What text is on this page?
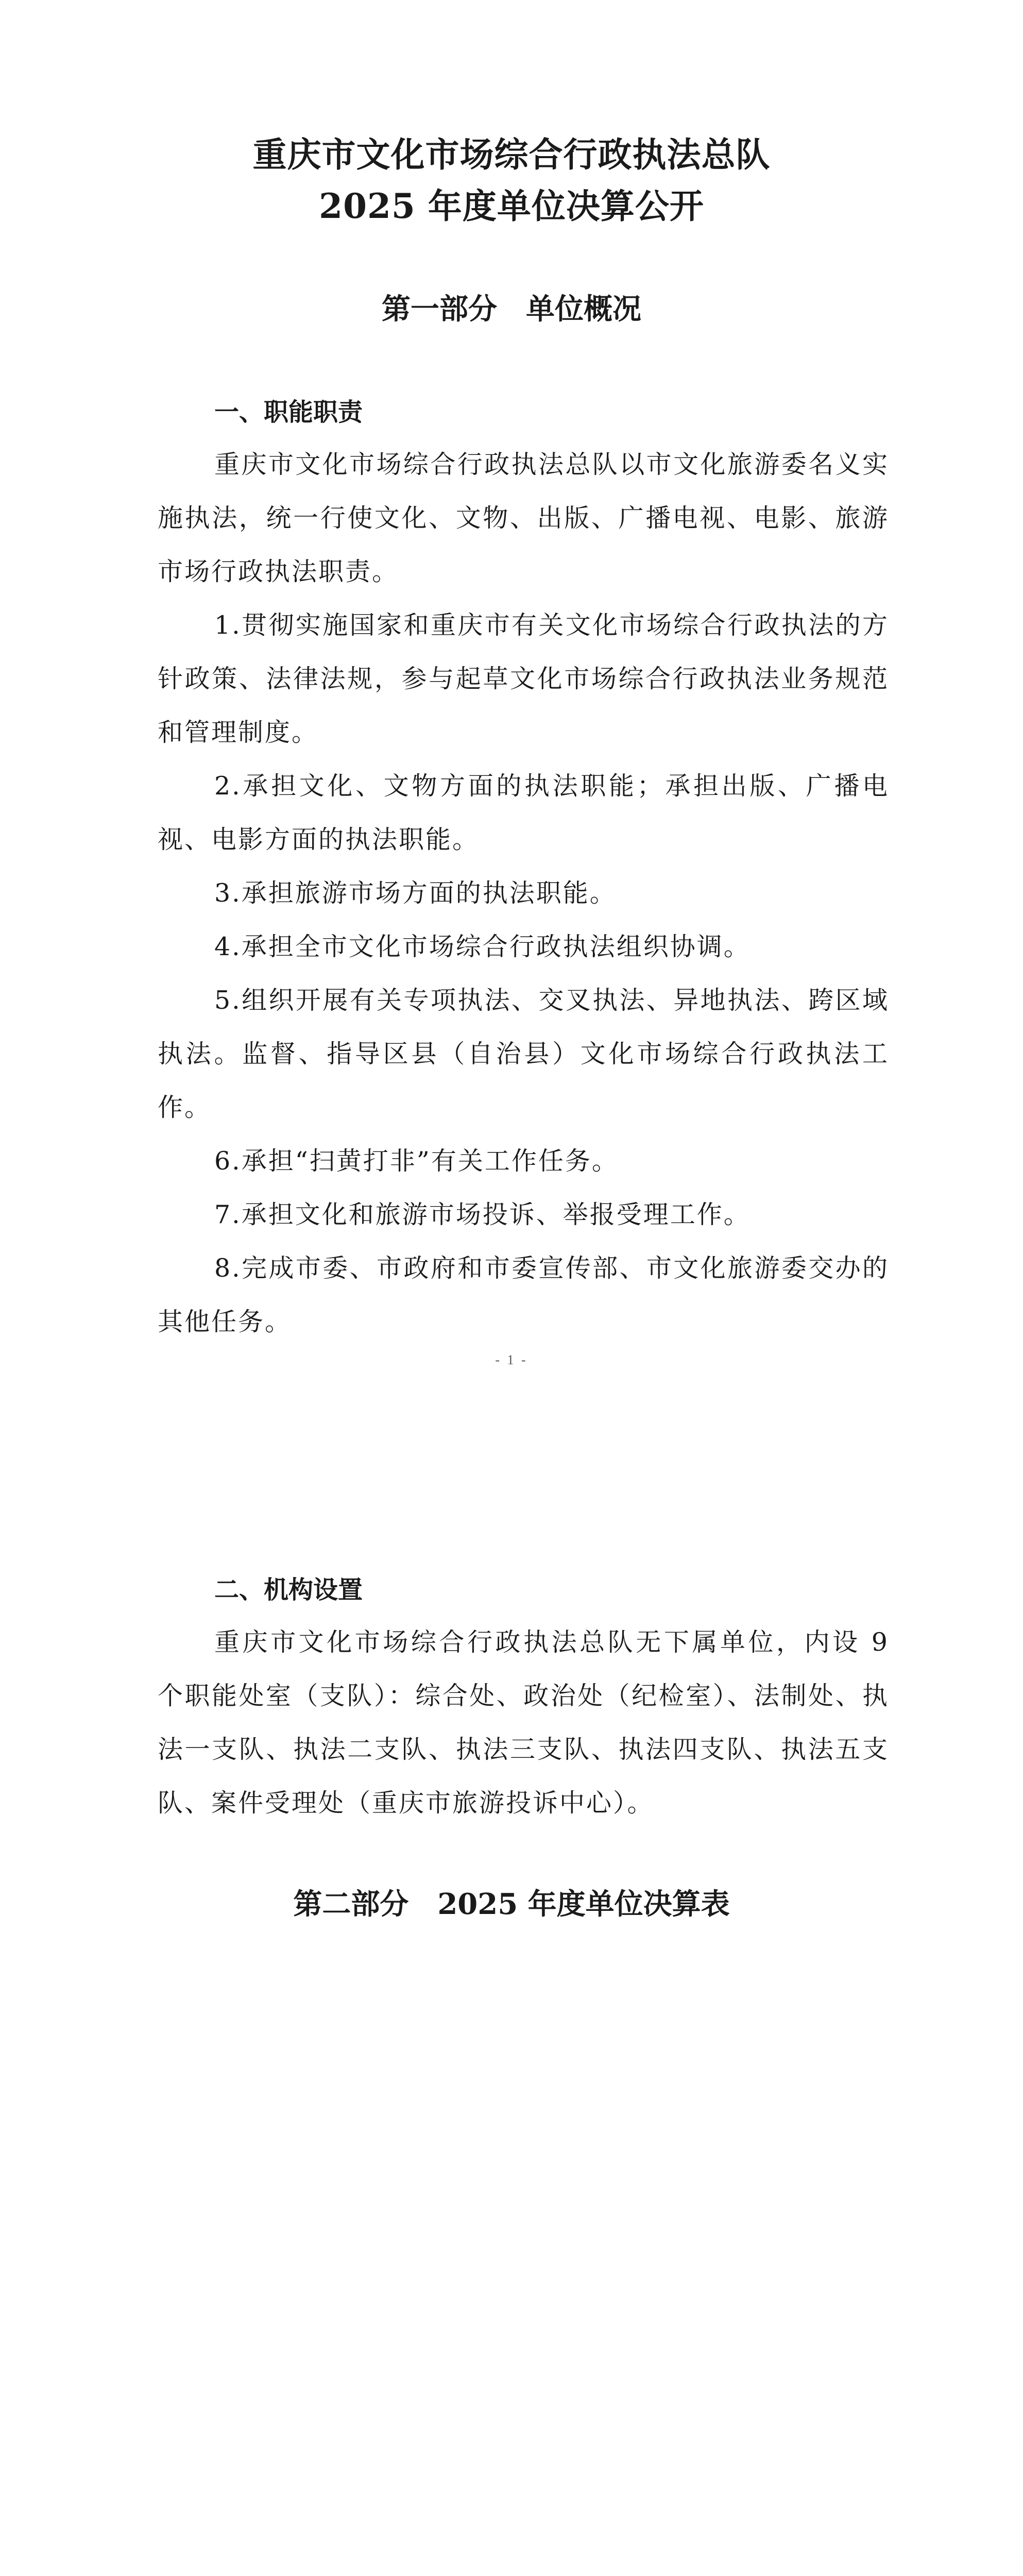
重庆市文化市场综合行政执法总队
2025 年度单位决算公开
第一部分　单位概况
一、职能职责

重庆市文化市场综合行政执法总队以市文化旅游委名义实施执法，统一行使文化、文物、出版、广播电视、电影、旅游市场行政执法职责。

1.贯彻实施国家和重庆市有关文化市场综合行政执法的方针政策、法律法规，参与起草文化市场综合行政执法业务规范和管理制度。

2.承担文化、文物方面的执法职能；承担出版、广播电视、电影方面的执法职能。

3.承担旅游市场方面的执法职能。

4.承担全市文化市场综合行政执法组织协调。

5.组织开展有关专项执法、交叉执法、异地执法、跨区域执法。监督、指导区县（自治县）文化市场综合行政执法工作。

6.承担“扫黄打非”有关工作任务。

7.承担文化和旅游市场投诉、举报受理工作。

8.完成市委、市政府和市委宣传部、市文化旅游委交办的其他任务。

- 1 -
二、机构设置

重庆市文化市场综合行政执法总队无下属单位，内设 9 个职能处室（支队）：综合处、政治处（纪检室）、法制处、执法一支队、执法二支队、执法三支队、执法四支队、执法五支队、案件受理处（重庆市旅游投诉中心）。

第二部分　2025 年度单位决算表
